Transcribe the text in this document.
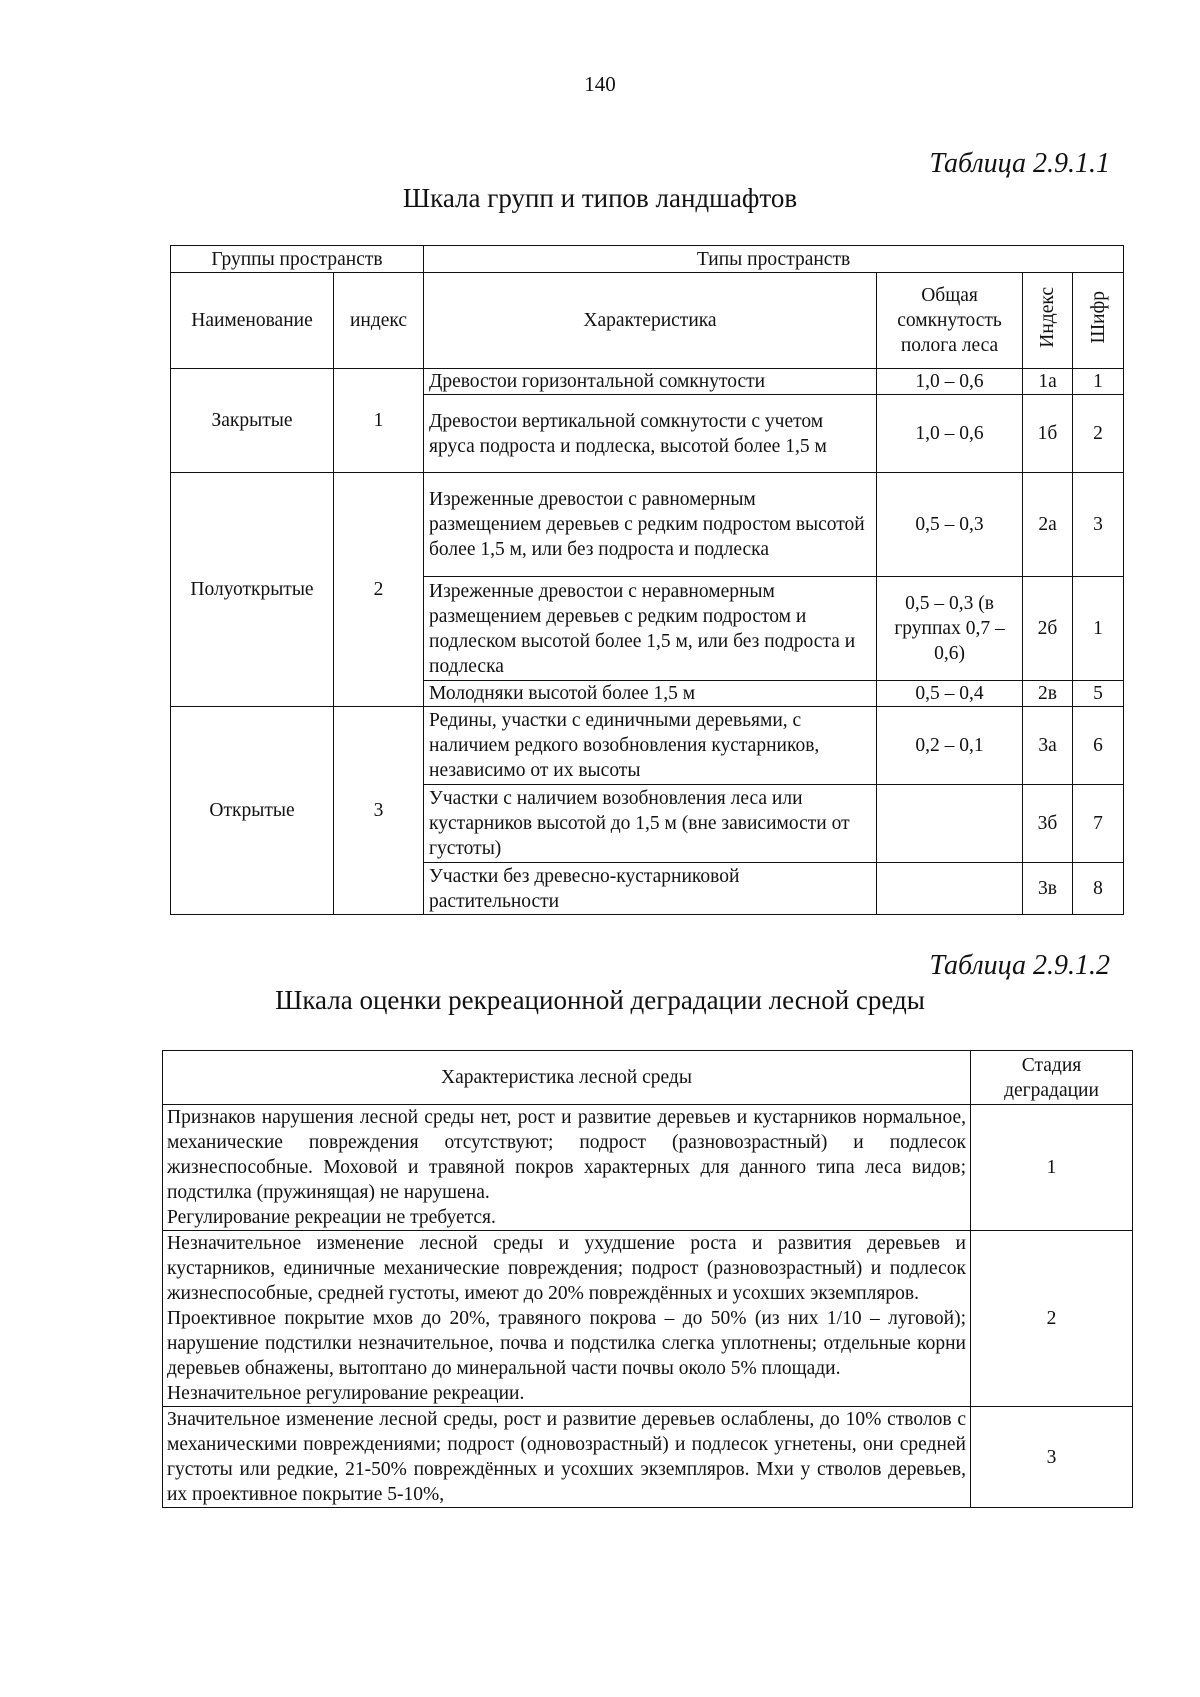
140
Таблица 2.9.1.1
Шкала групп и типов ландшафтов
Группы пространств		Типы пространств			
Наименование	индекс	Характеристика	Общая сомкнутость полога леса	Индекс	Шифр
Закрытые	1	Древостои горизонтальной сомкнутости	1,0 – 0,6	1а	1
		Древостои вертикальной сомкнутости с учетом яруса подроста и подлеска, высотой более 1,5 м	1,0 – 0,6	1б	2
Полуоткрытые	2	Изреженные древостои с равномерным размещением деревьев с редким подростом высотой более 1,5 м, или без подроста и подлеска	0,5 – 0,3	2а	3
		Изреженные древостои с неравномерным размещением деревьев с редким подростом и подлеском высотой более 1,5 м, или без подроста и подлеска	0,5 – 0,3 (в группах 0,7 – 0,6)	2б	1
		Молодняки высотой более 1,5 м	0,5 – 0,4	2в	5
Открытые	3	Редины, участки с единичными деревьями, с наличием редкого возобновления кустарников, независимо от их высоты	0,2 – 0,1	3а	6
		Участки с наличием возобновления леса или кустарников высотой до 1,5 м (вне зависимости от густоты)		3б	7
		Участки без древесно-кустарниковой растительности		3в	8
Таблица 2.9.1.2
Шкала оценки рекреационной деградации лесной среды
Характеристика лесной среды	Стадия деградации

Признаков нарушения лесной среды нет, рост и развитие деревьев и кустарников нормальное, механические повреждения отсутствуют; подрост (разновозрастный) и подлесок жизнеспособные. Моховой и травяной покров характерных для данного типа леса видов; подстилка (пружинящая) не нарушена.
Регулирование рекреации не требуется.	1

Незначительное изменение лесной среды и ухудшение роста и развития деревьев и кустарников, единичные механические повреждения; подрост (разновозрастный) и подлесок жизнеспособные, средней густоты, имеют до 20% повреждённых и усохших экземпляров.
Проективное покрытие мхов до 20%, травяного покрова – до 50% (из них 1/10 – луговой); нарушение подстилки незначительное, почва и подстилка слегка уплотнены; отдельные корни деревьев обнажены, вытоптано до минеральной части почвы около 5% площади.
Незначительное регулирование рекреации.	2

Значительное изменение лесной среды, рост и развитие деревьев ослаблены, до 10% стволов с механическими повреждениями; подрост (одновозрастный) и подлесок угнетены, они средней густоты или редкие, 21-50% повреждённых и усохших экземпляров. Мхи у стволов деревьев, их проективное покрытие 5-10%,	3
